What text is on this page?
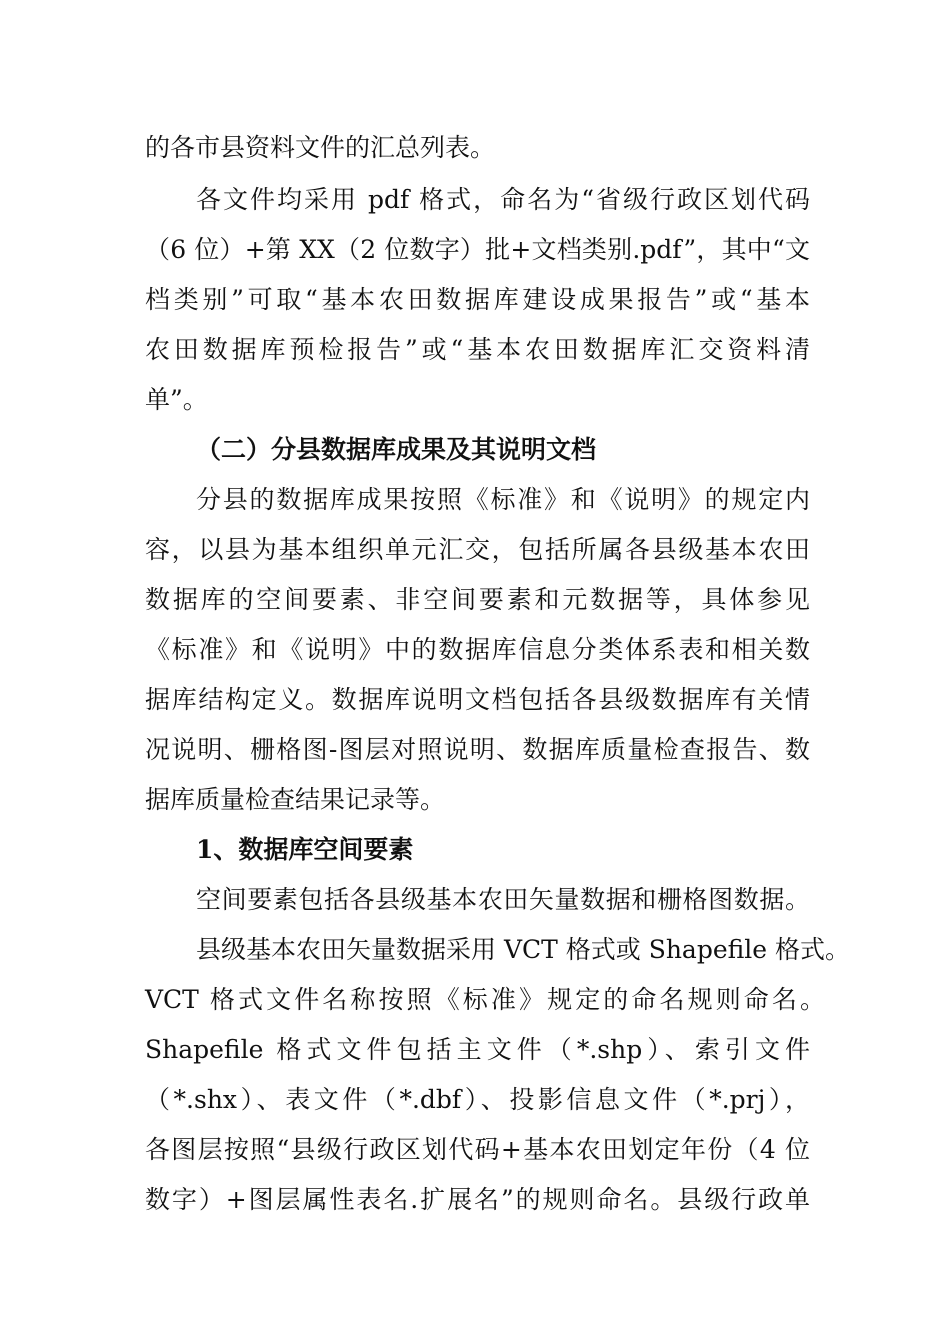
的各市县资料文件的汇总列表。
各文件均采用 pdf 格式，命名为“省级行政区划代码
（6 位）+第 XX（2 位数字）批+文档类别.pdf”，其中“文
档类别”可取“基本农田数据库建设成果报告”或“基本
农田数据库预检报告”或“基本农田数据库汇交资料清
单”。
（二）分县数据库成果及其说明文档
分县的数据库成果按照《标准》和《说明》的规定内
容，以县为基本组织单元汇交，包括所属各县级基本农田
数据库的空间要素、非空间要素和元数据等，具体参见
《标准》和《说明》中的数据库信息分类体系表和相关数
据库结构定义。数据库说明文档包括各县级数据库有关情
况说明、栅格图-图层对照说明、数据库质量检查报告、数
据库质量检查结果记录等。
1、数据库空间要素
空间要素包括各县级基本农田矢量数据和栅格图数据。
县级基本农田矢量数据采用 VCT 格式或 Shapefile 格式。
VCT 格式文件名称按照《标准》规定的命名规则命名。
Shapefile 格式文件包括主文件（*.shp）、索引文件
（*.shx）、表文件（*.dbf）、投影信息文件（*.prj），
各图层按照“县级行政区划代码+基本农田划定年份（4 位
数字）+图层属性表名.扩展名”的规则命名。县级行政单
